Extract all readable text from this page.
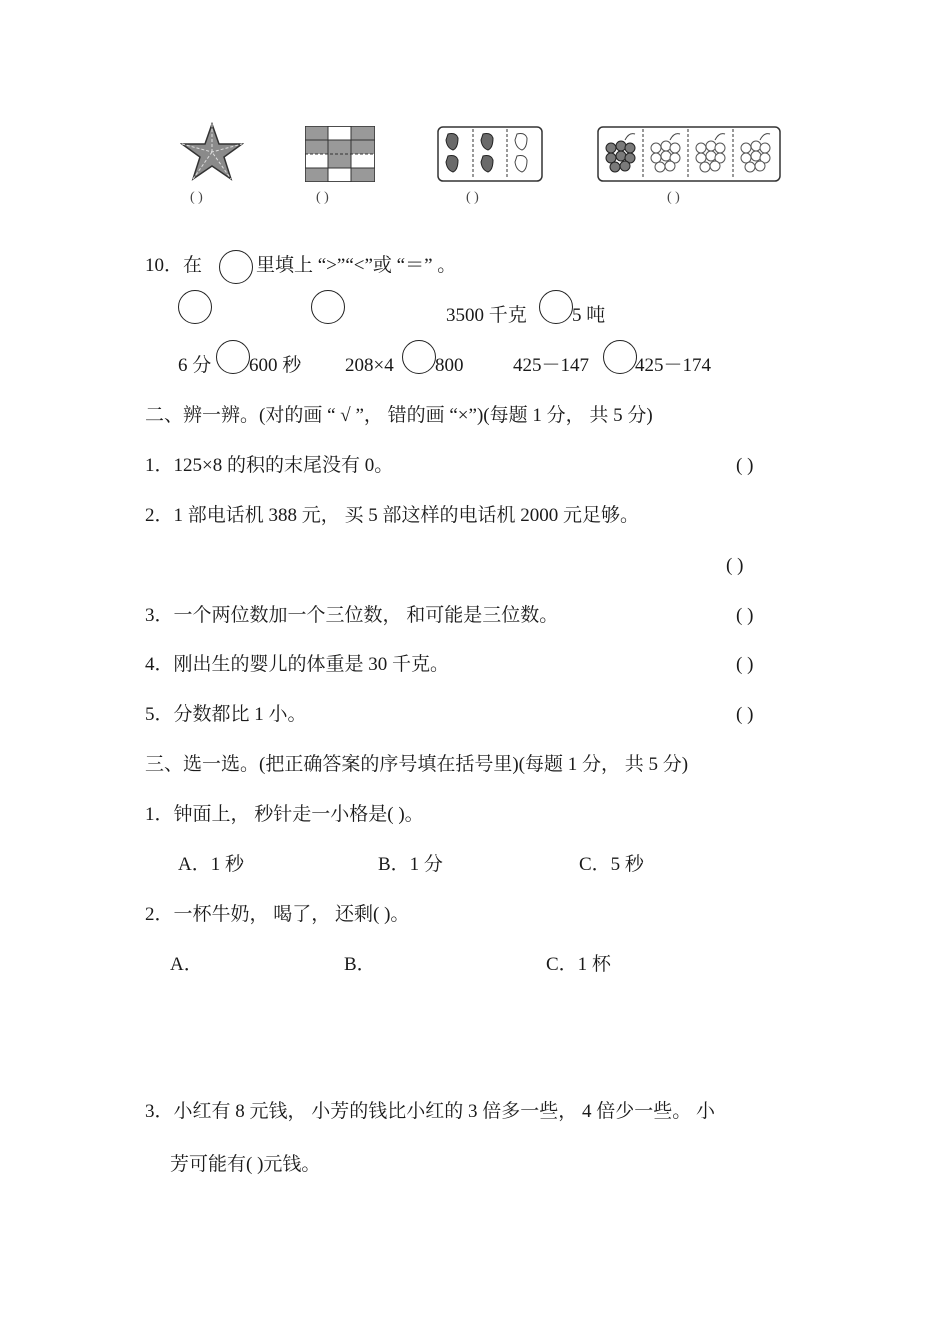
( )	( )	( )	( )
10．在	里填上 “>”“<”或 “＝” 。
3500 千克 5 吨
6 分 600 秒 208×4 800	425－147 425－174
二、辨一辨。(对的画 “ √ ”， 错的画 “×”)(每题 1 分， 共 5 分)
1．125×8 的积的末尾没有 0。	( )
2．1 部电话机 388 元， 买 5 部这样的电话机 2000 元足够。
( )
3．一个两位数加一个三位数， 和可能是三位数。	( )
4．刚出生的婴儿的体重是 30 千克。	( )
5．分数都比 1 小。	( )
三、选一选。(把正确答案的序号填在括号里)(每题 1 分， 共 5 分)
1．钟面上， 秒针走一小格是( )。
A．1 秒	B．1 分	C．5 秒
2．一杯牛奶， 喝了， 还剩( )。
A．	B．	C．1 杯
3．小红有 8 元钱， 小芳的钱比小红的 3 倍多一些， 4 倍少一些。 小
芳可能有( )元钱。
